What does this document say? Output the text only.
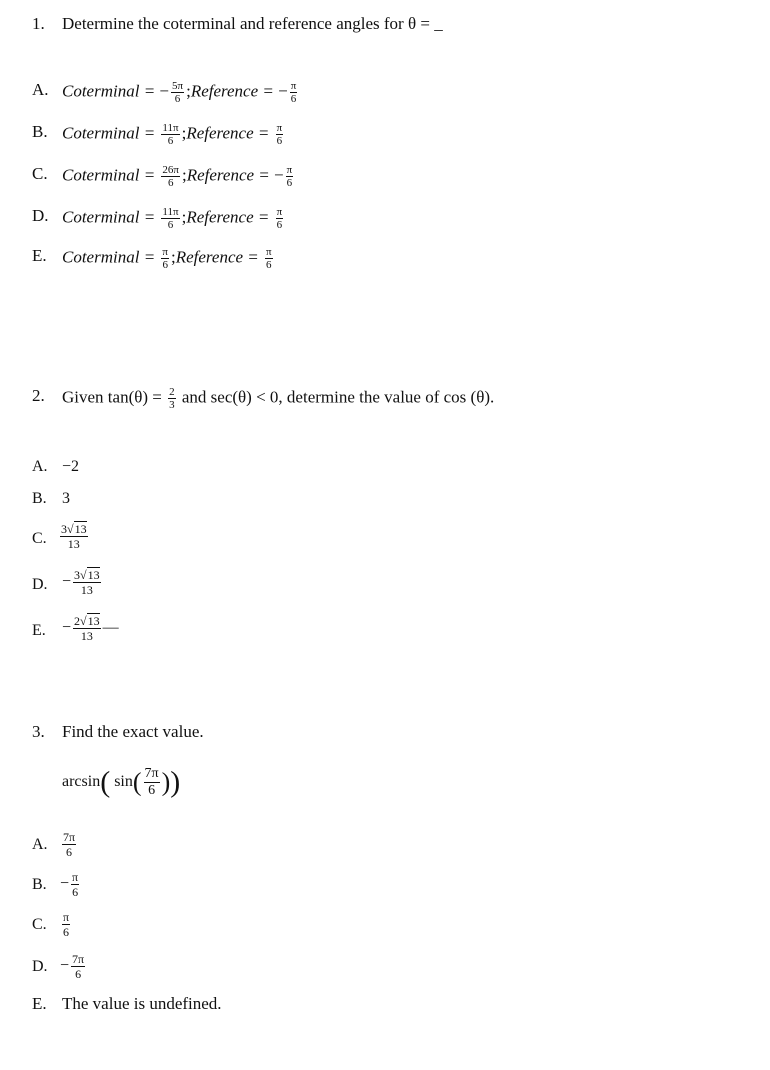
1. Determine the coterminal and reference angles for θ = _
A. Coterminal = − $\frac{5\pi}{6}$ ;Reference = − $\frac{\pi}{6}$
B. Coterminal = $\frac{11\pi}{6}$ ;Reference = $\frac{\pi}{6}$
C. Coterminal = $\frac{26\pi}{6}$ ;Reference = − $\frac{\pi}{6}$
D. Coterminal = $\frac{11\pi}{6}$ ;Reference = $\frac{\pi}{6}$
E. Coterminal = $\frac{\pi}{6}$ ;Reference = $\frac{\pi}{6}$
2. Given $\tan(\theta) = \frac{2}{3}$ and sec(θ) < 0, determine the value of cos (θ).
A. −2
B. 3
C. $\frac{3√13}{13}$
D. − $\frac{3√13}{13}$
E. − $\frac{2√13}{13}$ —
3. Find the exact value.
arcsin( $\sin( \frac{7\pi}{6}$ ))
A. $\frac{7\pi}{6}$
B. − $\frac{\pi}{6}$
C. $\frac{\pi}{6}$
D. − $\frac{7\pi}{6}$
E. The value is undefined.
